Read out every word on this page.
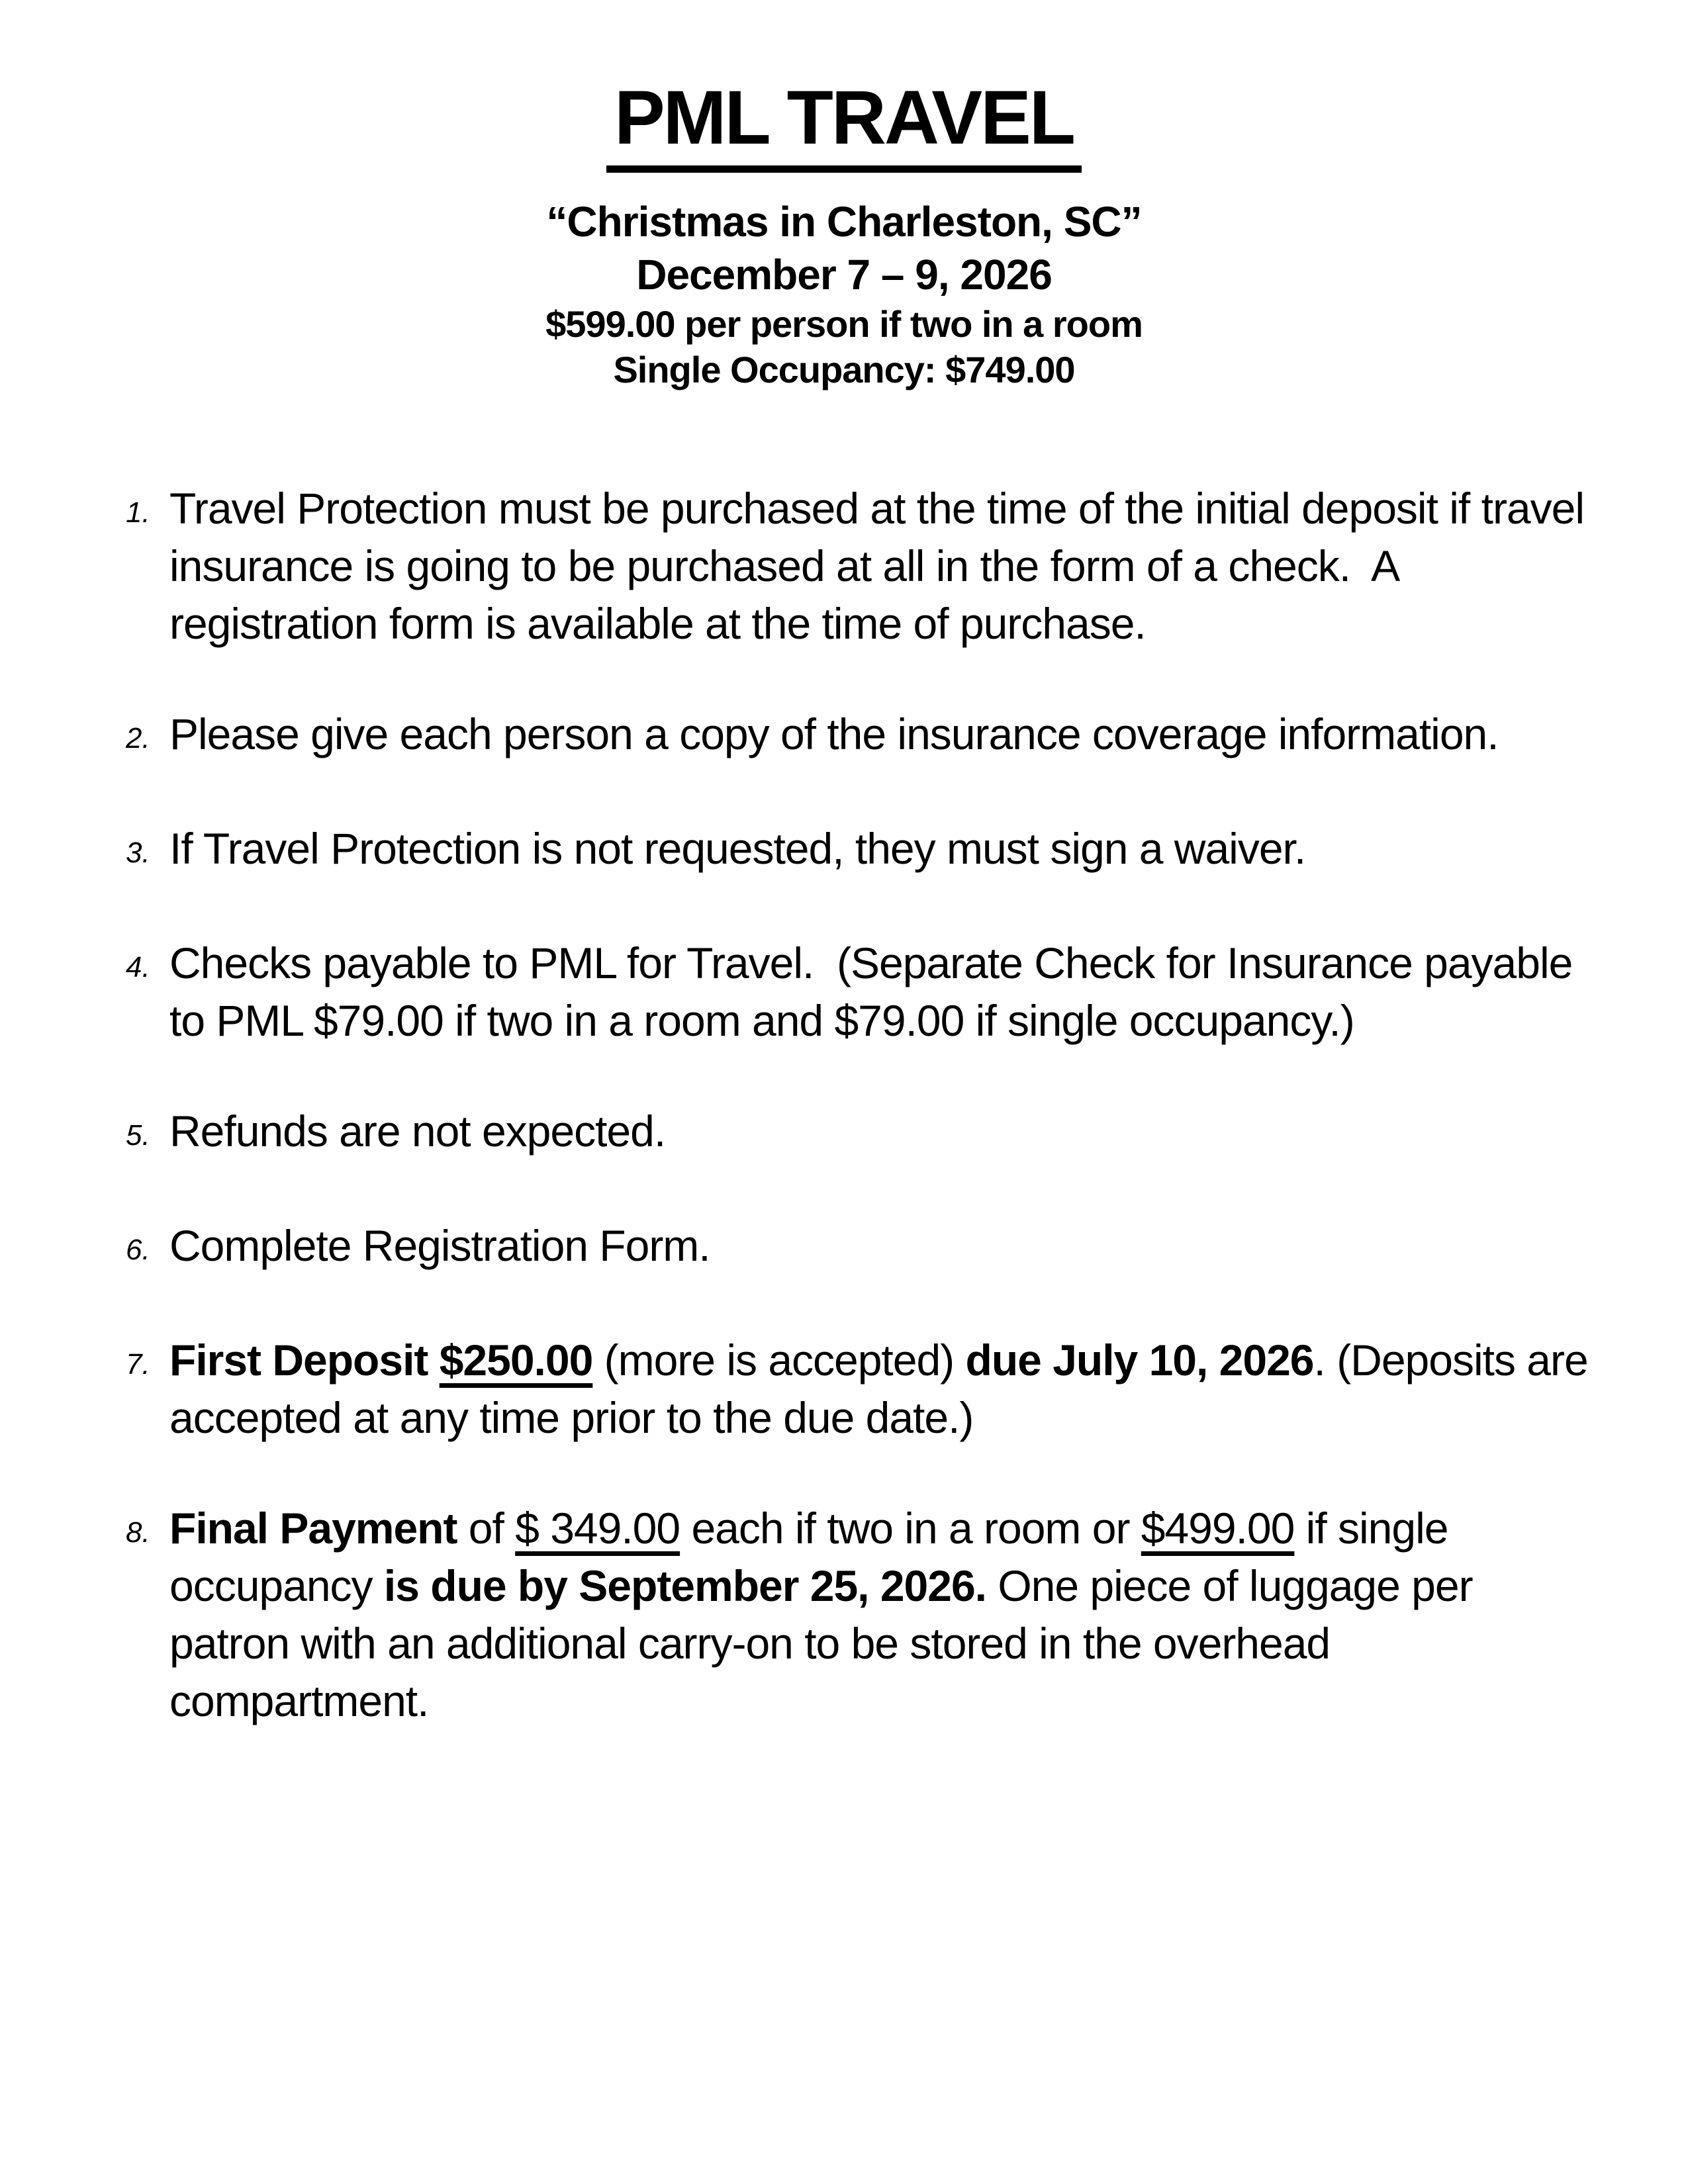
PML TRAVEL
“Christmas in Charleston, SC”
December 7 – 9, 2026
$599.00 per person if two in a room
Single Occupancy: $749.00
1. Travel Protection must be purchased at the time of the initial deposit if travel insurance is going to be purchased at all in the form of a check.  A registration form is available at the time of purchase.
2. Please give each person a copy of the insurance coverage information.
3. If Travel Protection is not requested, they must sign a waiver.
4. Checks payable to PML for Travel.  (Separate Check for Insurance payable to PML $79.00 if two in a room and $79.00 if single occupancy.)
5. Refunds are not expected.
6. Complete Registration Form.
7. First Deposit $250.00 (more is accepted) due July 10, 2026. (Deposits are accepted at any time prior to the due date.)
8. Final Payment of $ 349.00 each if two in a room or $499.00 if single occupancy is due by September 25, 2026. One piece of luggage per patron with an additional carry-on to be stored in the overhead compartment.
